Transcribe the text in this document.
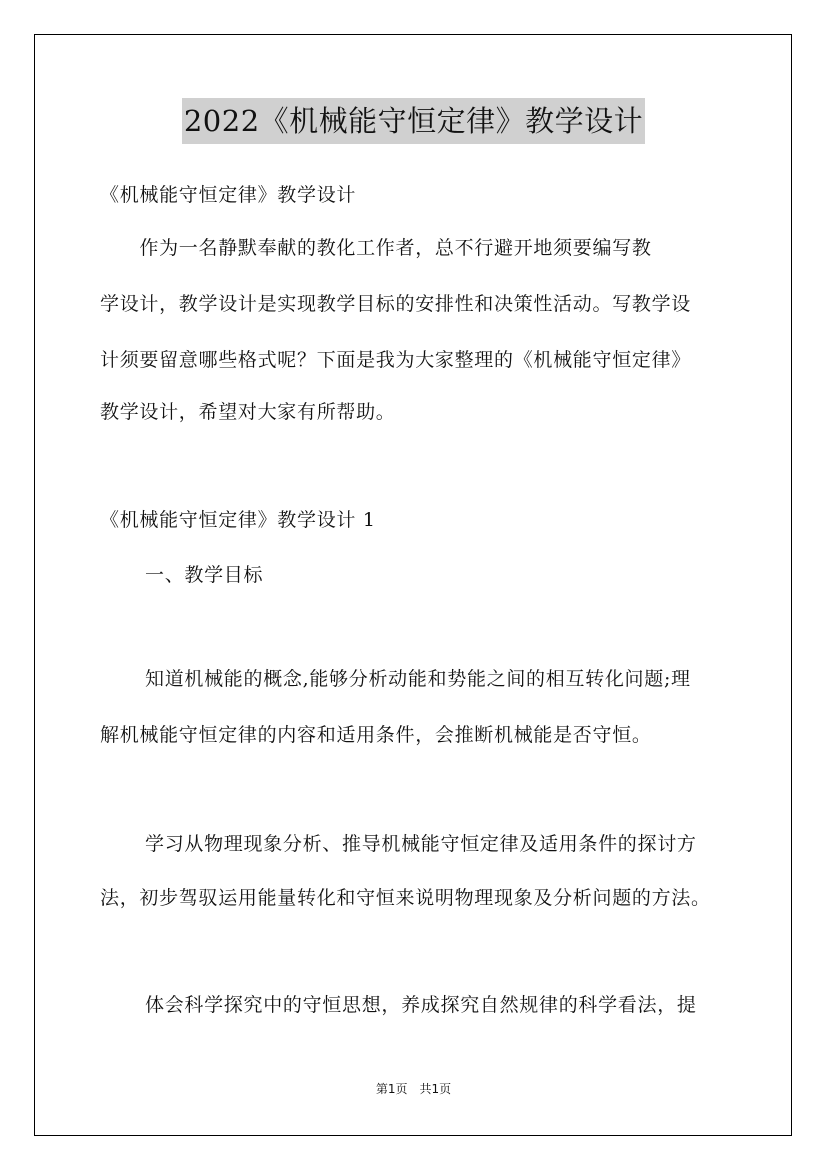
2022《机械能守恒定律》教学设计
《机械能守恒定律》教学设计
　　作为一名静默奉献的教化工作者，总不行避开地须要编写教
学设计，教学设计是实现教学目标的安排性和决策性活动。写教学设
计须要留意哪些格式呢？下面是我为大家整理的《机械能守恒定律》
教学设计，希望对大家有所帮助。
《机械能守恒定律》教学设计 1
一、教学目标
知道机械能的概念,能够分析动能和势能之间的相互转化问题;理
解机械能守恒定律的内容和适用条件，会推断机械能是否守恒。
学习从物理现象分析、推导机械能守恒定律及适用条件的探讨方
法，初步驾驭运用能量转化和守恒来说明物理现象及分析问题的方法。
体会科学探究中的守恒思想，养成探究自然规律的科学看法，提
第1页　共1页
